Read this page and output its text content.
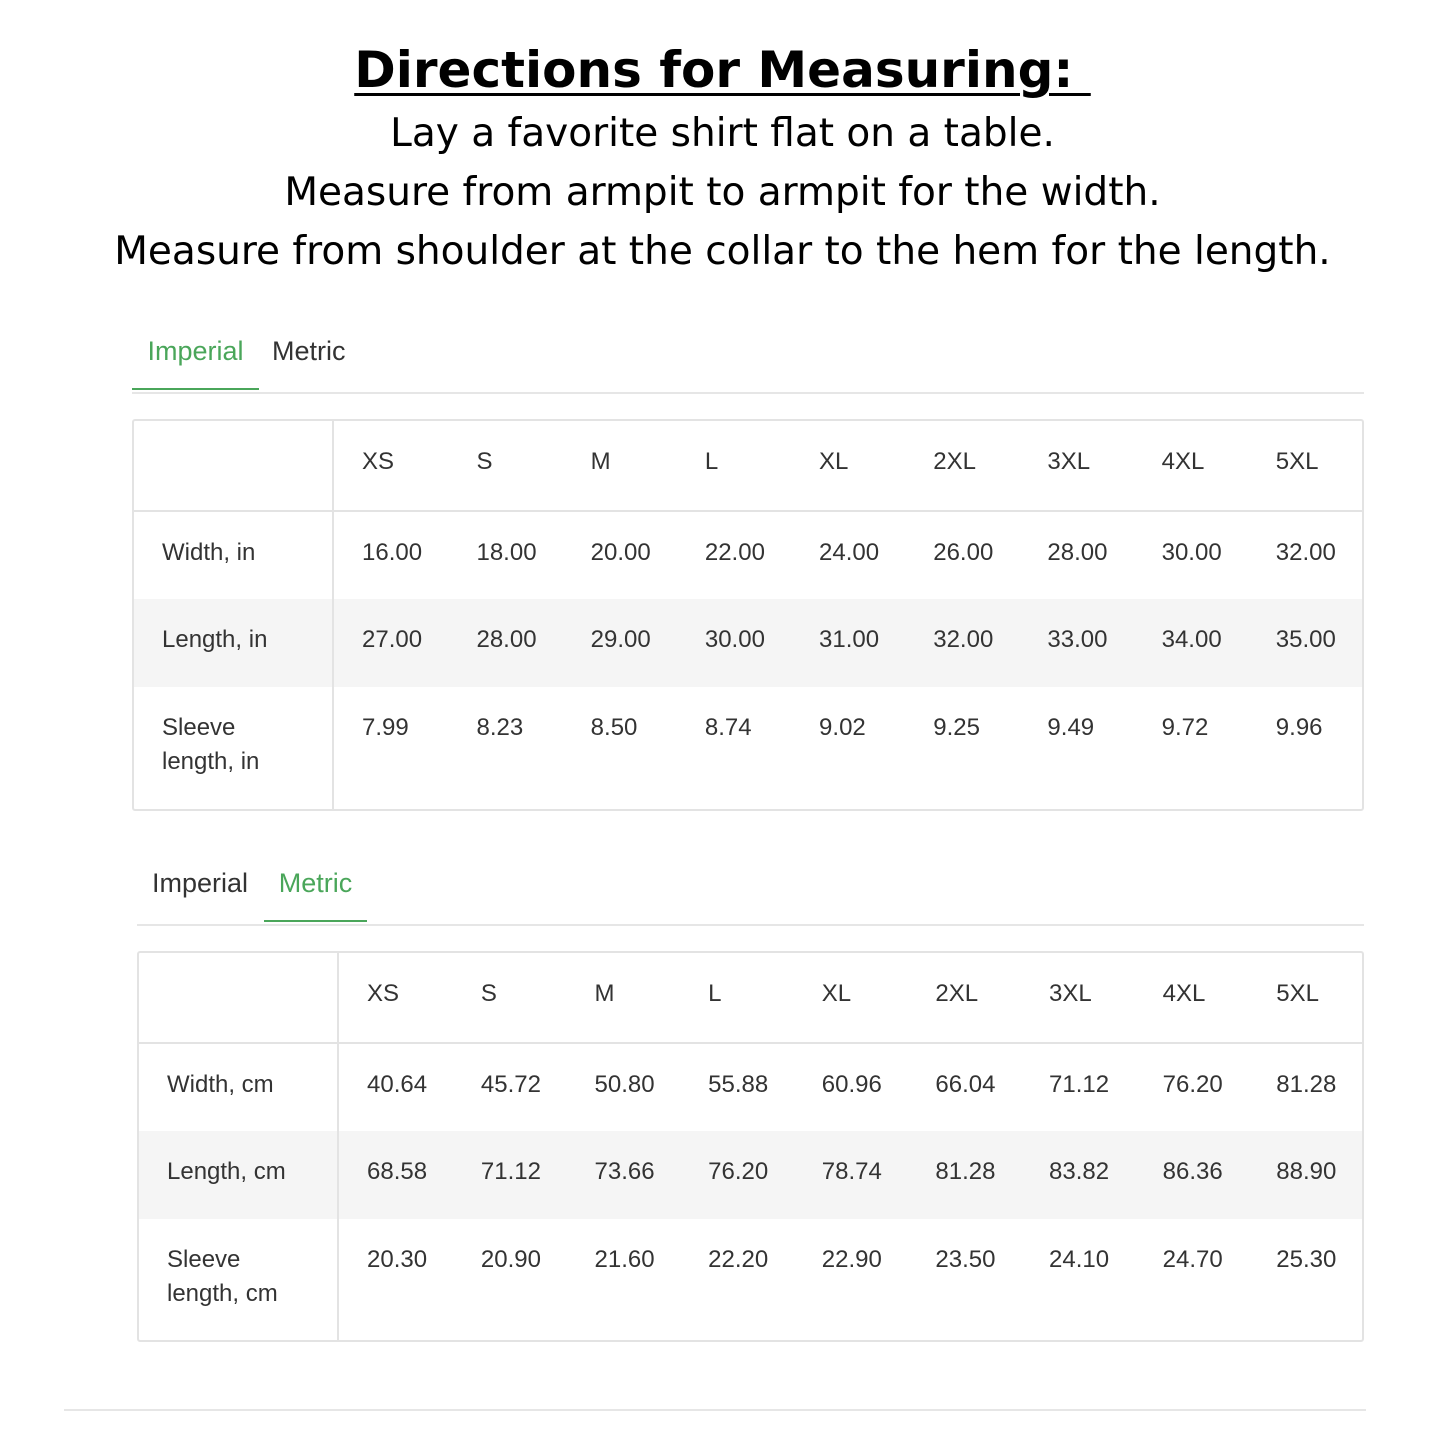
Directions for Measuring:
Lay a favorite shirt flat on a table.
Measure from armpit to armpit for the width.
Measure from shoulder at the collar to the hem for the length.
Imperial	Metric
	XS	S	M	L	XL	2XL	3XL	4XL	5XL
Width, in	16.00	18.00	20.00	22.00	24.00	26.00	28.00	30.00	32.00
Length, in	27.00	28.00	29.00	30.00	31.00	32.00	33.00	34.00	35.00
Sleeve length, in	7.99	8.23	8.50	8.74	9.02	9.25	9.49	9.72	9.96
Imperial	Metric
	XS	S	M	L	XL	2XL	3XL	4XL	5XL
Width, cm	40.64	45.72	50.80	55.88	60.96	66.04	71.12	76.20	81.28
Length, cm	68.58	71.12	73.66	76.20	78.74	81.28	83.82	86.36	88.90
Sleeve length, cm	20.30	20.90	21.60	22.20	22.90	23.50	24.10	24.70	25.30
